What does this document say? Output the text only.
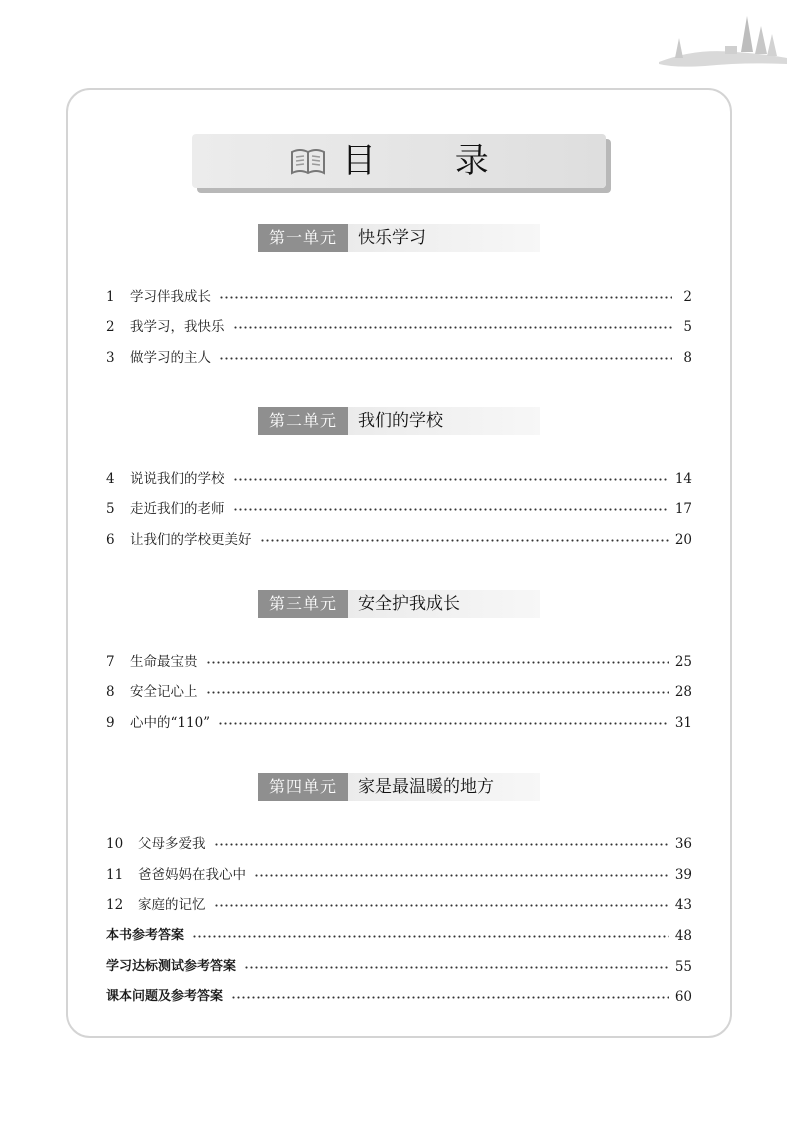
目 录
第一单元	快乐学习
1	学习伴我成长	2
2	我学习，我快乐	5
3	做学习的主人	8
第二单元	我们的学校
4	说说我们的学校	14
5	走近我们的老师	17
6	让我们的学校更美好	20
第三单元	安全护我成长
7	生命最宝贵	25
8	安全记心上	28
9	心中的“110”	31
第四单元	家是最温暖的地方
10	父母多爱我	36
11	爸爸妈妈在我心中	39
12	家庭的记忆	43
本书参考答案	48
学习达标测试参考答案	55
课本问题及参考答案	60
